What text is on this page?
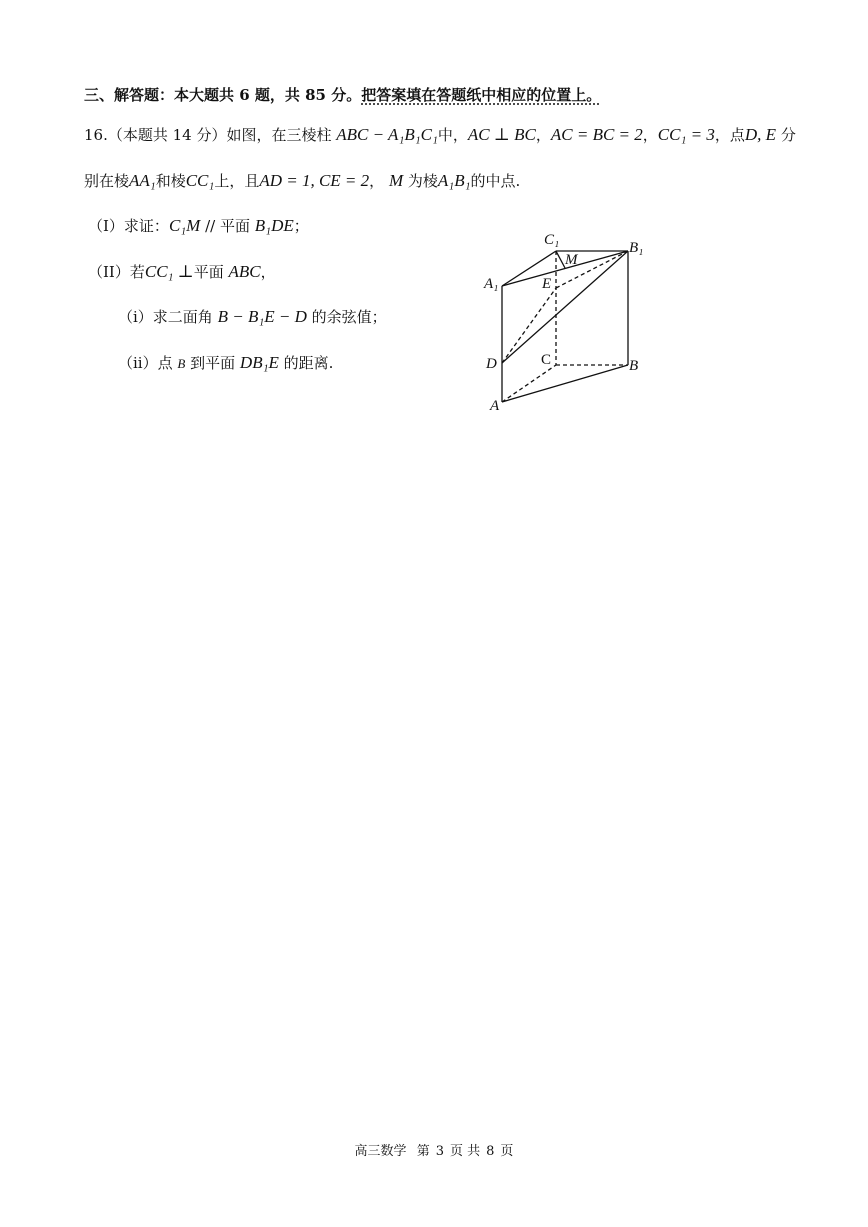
三、解答题：本大题共 6 题，共 85 分。把答案填在答题纸中相应的位置上。
16.（本题共 14 分）如图，在三棱柱 ABC − A₁B₁C₁中，AC ⊥ BC，AC = BC = 2，CC₁ = 3，点D, E 分
别在棱AA₁和棱CC₁上，且AD = 1, CE = 2， M 为棱A₁B₁的中点.
（I）求证：C₁M // 平面 B₁DE；
（II）若CC₁ ⊥平面 ABC，
（i）求二面角 B − B₁E − D 的余弦值；
（ii）点 B 到平面 DB₁E 的距离.
C₁
M
B₁
A₁	E
D	C	B
A
高三数学 第 3 页 共 8 页
